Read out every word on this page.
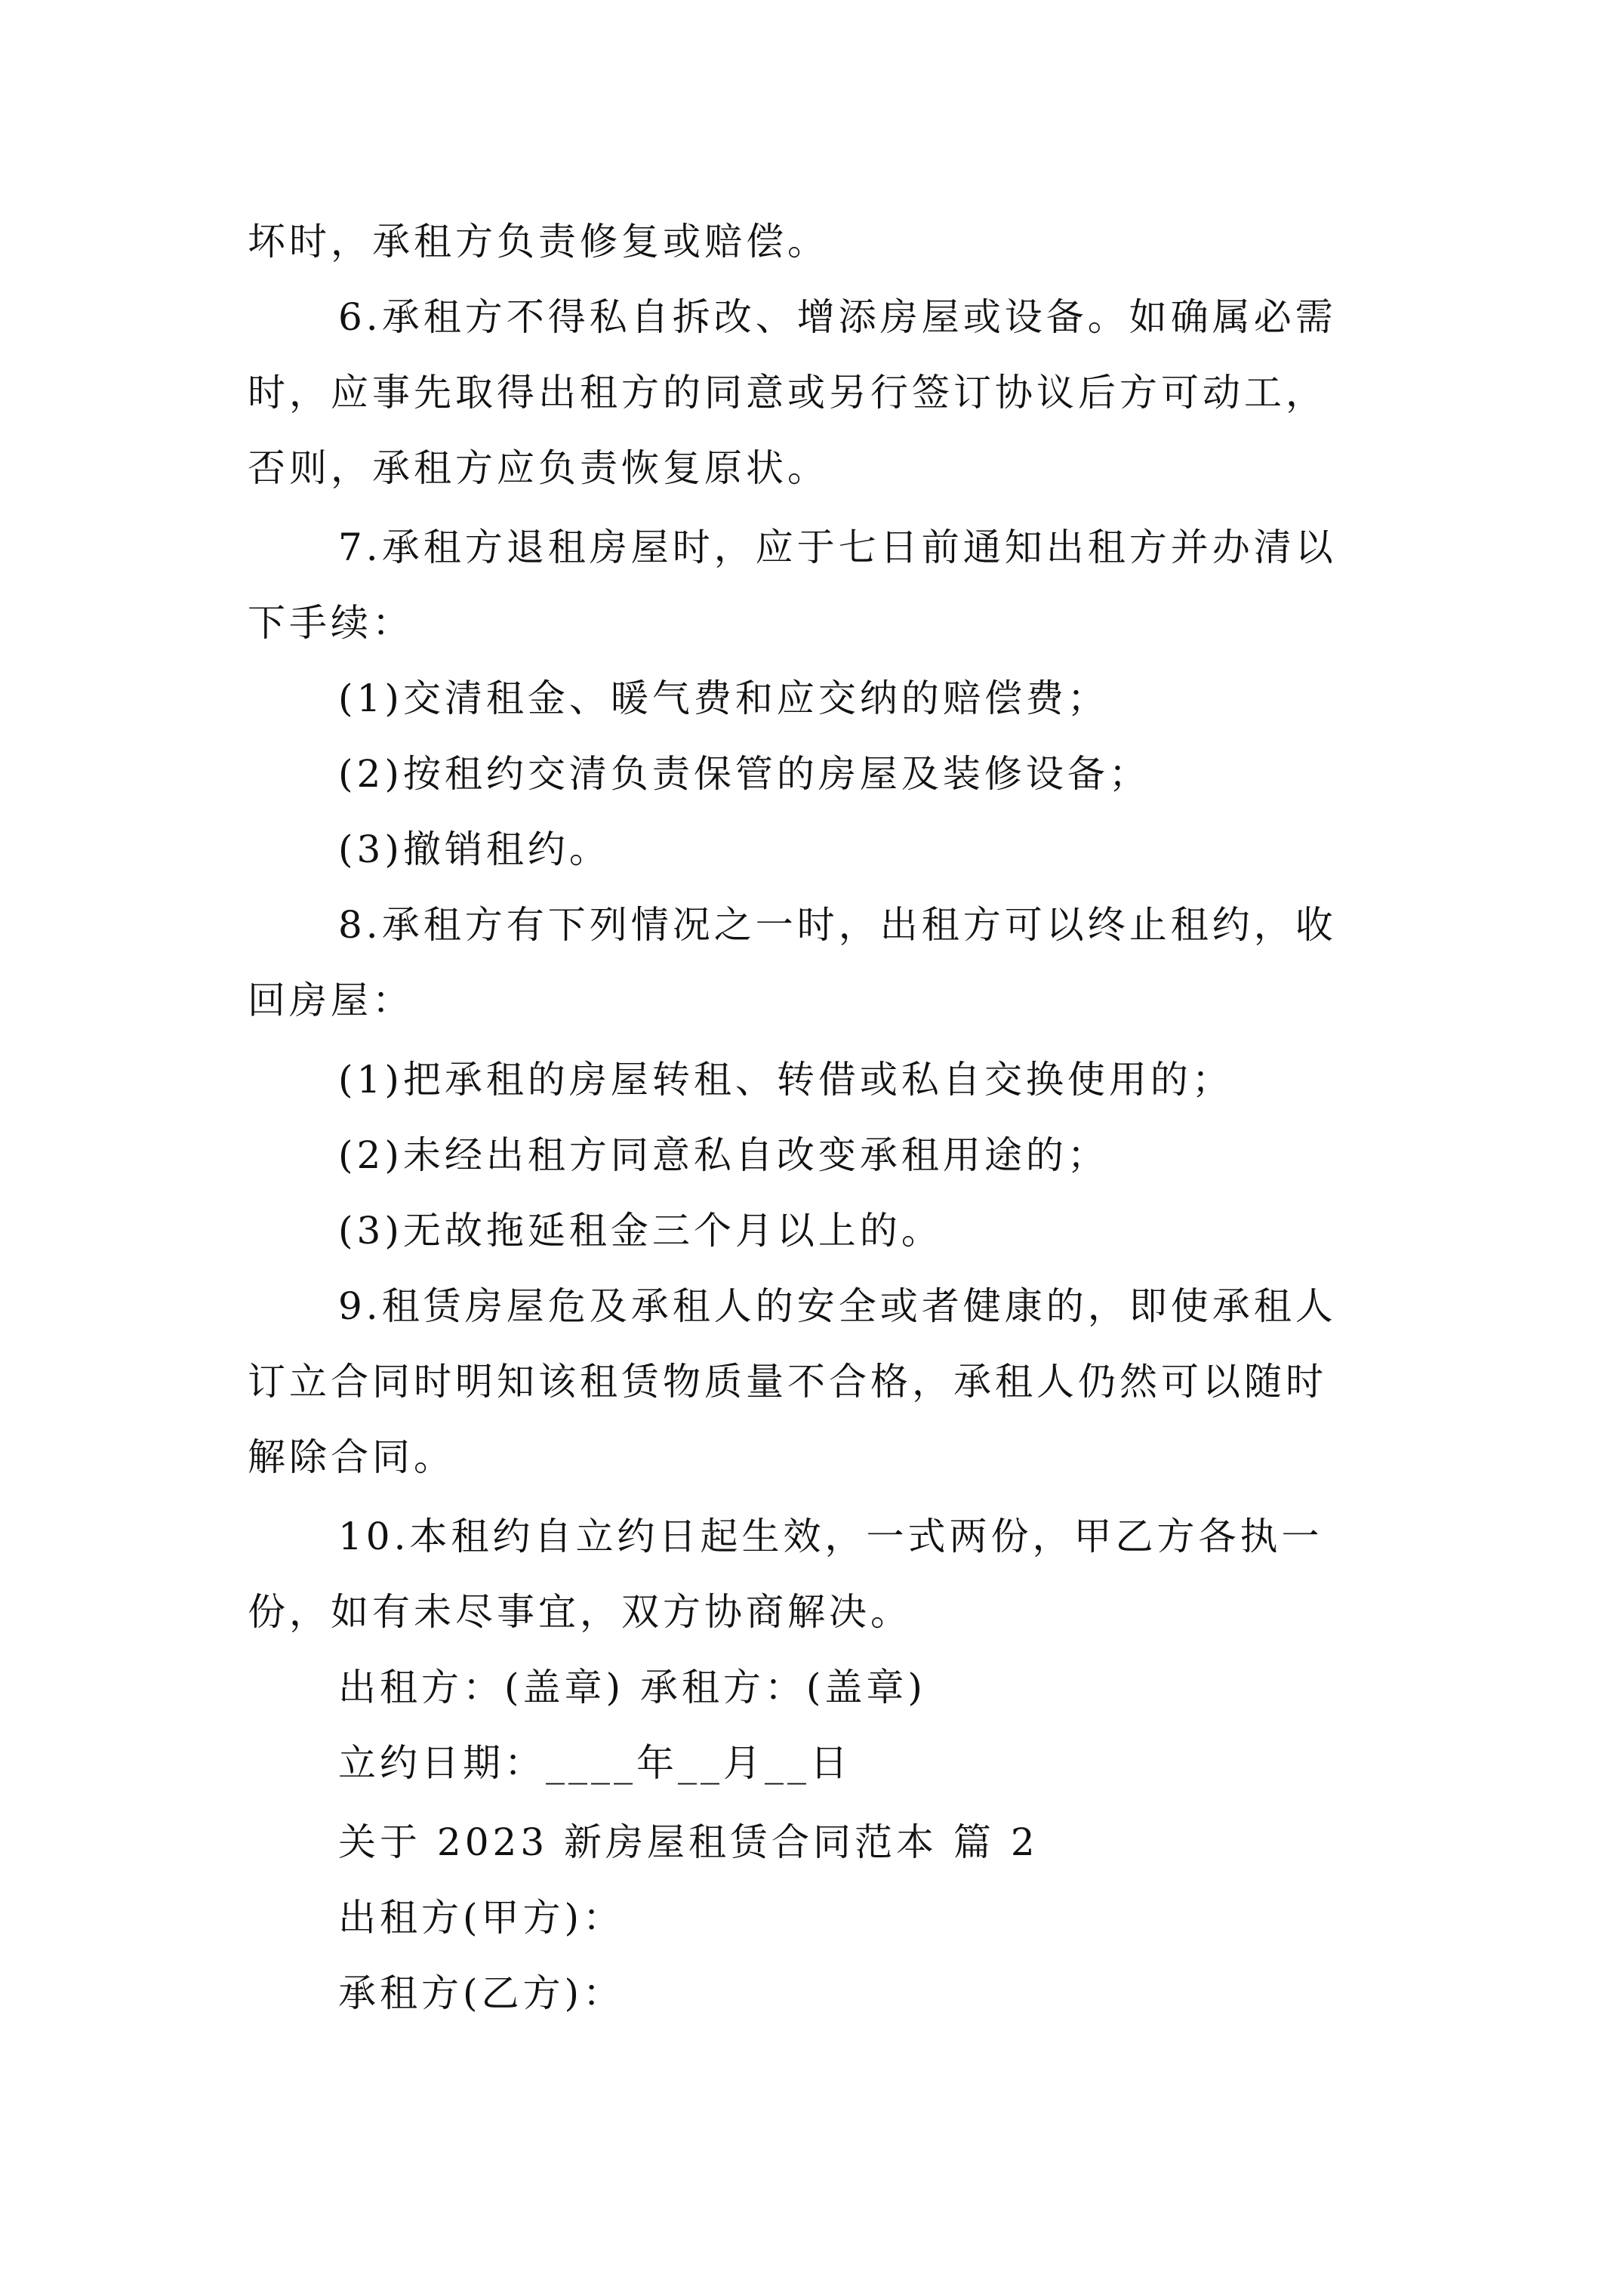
坏时，承租方负责修复或赔偿。
6.承租方不得私自拆改、增添房屋或设备。如确属必需
时，应事先取得出租方的同意或另行签订协议后方可动工，
否则，承租方应负责恢复原状。
7.承租方退租房屋时，应于七日前通知出租方并办清以
下手续：
(1)交清租金、暖气费和应交纳的赔偿费；
(2)按租约交清负责保管的房屋及装修设备；
(3)撤销租约。
8.承租方有下列情况之一时，出租方可以终止租约，收
回房屋：
(1)把承租的房屋转租、转借或私自交换使用的；
(2)未经出租方同意私自改变承租用途的；
(3)无故拖延租金三个月以上的。
9.租赁房屋危及承租人的安全或者健康的，即使承租人
订立合同时明知该租赁物质量不合格，承租人仍然可以随时
解除合同。
10.本租约自立约日起生效，一式两份，甲乙方各执一
份，如有未尽事宜，双方协商解决。
出租方：(盖章) 承租方：(盖章)
立约日期：____年__月__日
关于 2023 新房屋租赁合同范本 篇 2
出租方(甲方)：
承租方(乙方)：
